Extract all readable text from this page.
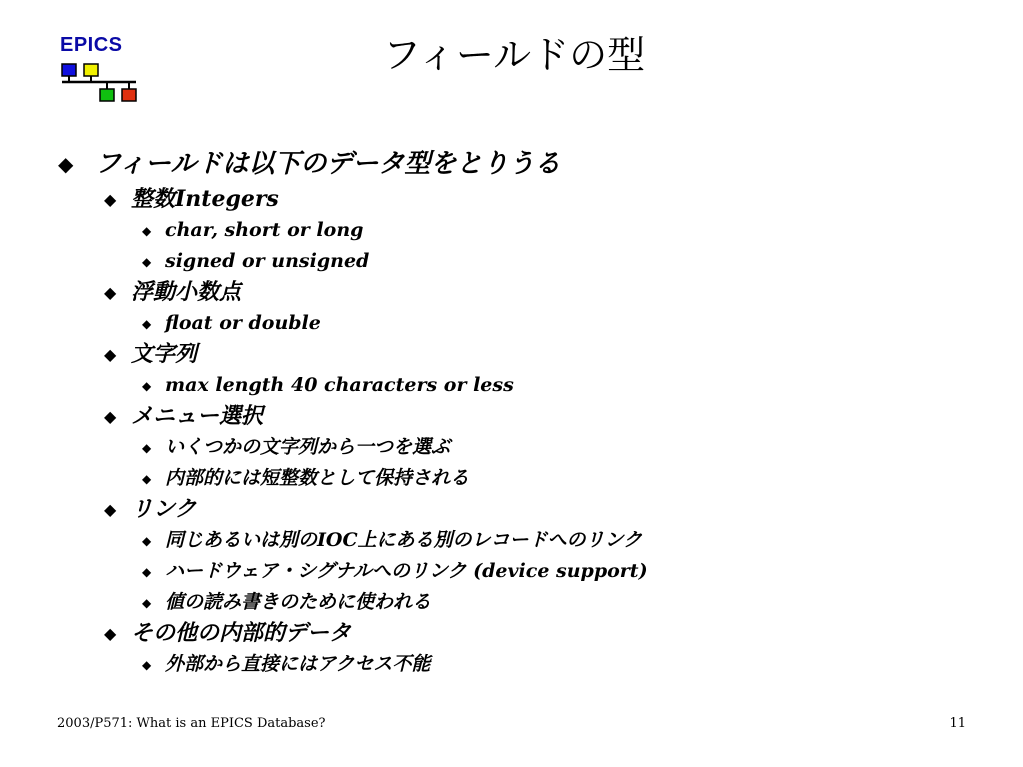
EPICS	フィールドの型
◆ フィールドは以下のデータ型をとりうる
◆ 整数Integers
◆ char, short or long
◆ signed or unsigned
◆ 浮動小数点
◆ float or double
◆ 文字列
◆ max length 40 characters or less
◆ メニュー選択
◆ いくつかの文字列から一つを選ぶ
◆ 内部的には短整数として保持される
◆ リンク
◆ 同じあるいは別のIOC上にある別のレコードへのリンク
◆ ハードウェア・シグナルへのリンク (device support)
◆ 値の読み書きのために使われる
◆ その他の内部的データ
◆ 外部から直接にはアクセス不能
2003/P571: What is an EPICS Database?	11
